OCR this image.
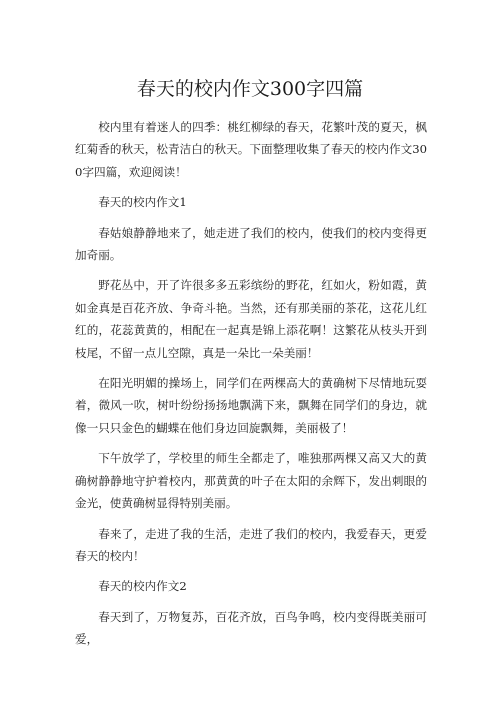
春天的校内作文300字四篇

校内里有着迷人的四季：桃红柳绿的春天，花繁叶茂的夏天，枫红菊香的秋天，松青洁白的秋天。下面整理收集了春天的校内作文300字四篇，欢迎阅读！

春天的校内作文1

春姑娘静静地来了，她走进了我们的校内，使我们的校内变得更加奇丽。

野花丛中，开了许很多多五彩缤纷的野花，红如火，粉如霞，黄如金真是百花齐放、争奇斗艳。当然，还有那美丽的茶花，这花儿红红的，花蕊黄黄的，相配在一起真是锦上添花啊！这繁花从枝头开到枝尾，不留一点儿空隙，真是一朵比一朵美丽！

在阳光明媚的操场上，同学们在两棵高大的黄确树下尽情地玩耍着，微风一吹，树叶纷纷扬扬地飘满下来，飘舞在同学们的身边，就像一只只金色的蝴蝶在他们身边回旋飘舞，美丽极了！

下午放学了，学校里的师生全都走了，唯独那两棵又高又大的黄确树静静地守护着校内，那黄黄的叶子在太阳的余辉下，发出刺眼的金光，使黄确树显得特别美丽。

春来了，走进了我的生活，走进了我们的校内，我爱春天，更爱春天的校内！

春天的校内作文2

春天到了，万物复苏，百花齐放，百鸟争鸣，校内变得既美丽可爱，
